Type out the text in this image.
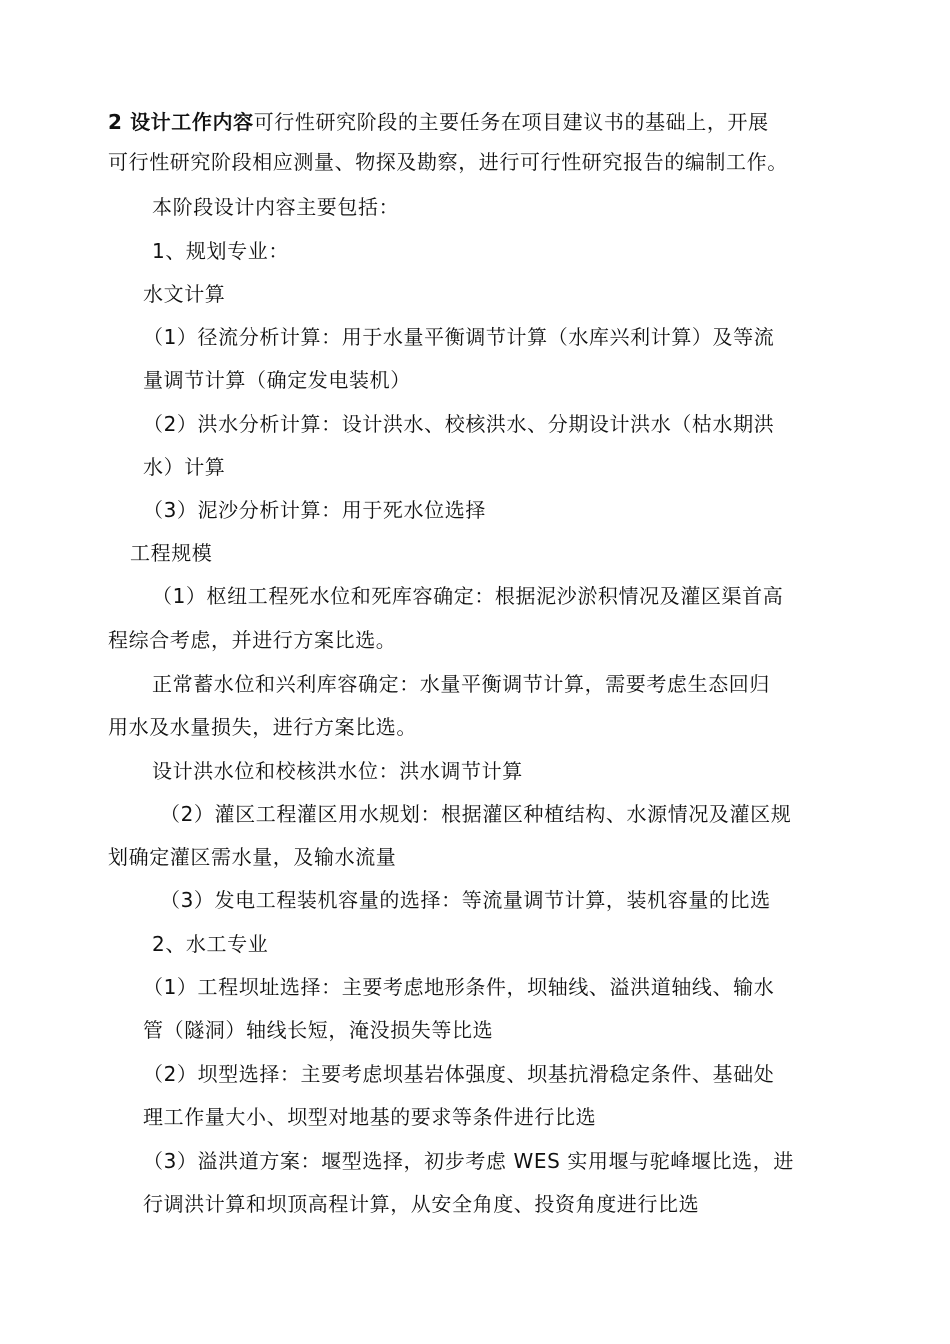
2 设计工作内容可行性研究阶段的主要任务在项目建议书的基础上，开展
可行性研究阶段相应测量、物探及勘察，进行可行性研究报告的编制工作。
本阶段设计内容主要包括：
1、规划专业：
水文计算
（1）径流分析计算：用于水量平衡调节计算（水库兴利计算）及等流
量调节计算（确定发电装机）
（2）洪水分析计算：设计洪水、校核洪水、分期设计洪水（枯水期洪
水）计算
（3）泥沙分析计算：用于死水位选择
工程规模
（1）枢纽工程死水位和死库容确定：根据泥沙淤积情况及灌区渠首高
程综合考虑，并进行方案比选。
正常蓄水位和兴利库容确定：水量平衡调节计算，需要考虑生态回归
用水及水量损失，进行方案比选。
设计洪水位和校核洪水位：洪水调节计算
（2）灌区工程灌区用水规划：根据灌区种植结构、水源情况及灌区规
划确定灌区需水量，及输水流量
（3）发电工程装机容量的选择：等流量调节计算，装机容量的比选
2、水工专业
（1）工程坝址选择：主要考虑地形条件，坝轴线、溢洪道轴线、输水
管（隧洞）轴线长短，淹没损失等比选
（2）坝型选择：主要考虑坝基岩体强度、坝基抗滑稳定条件、基础处
理工作量大小、坝型对地基的要求等条件进行比选
（3）溢洪道方案：堰型选择，初步考虑 WES 实用堰与驼峰堰比选，进
行调洪计算和坝顶高程计算，从安全角度、投资角度进行比选
